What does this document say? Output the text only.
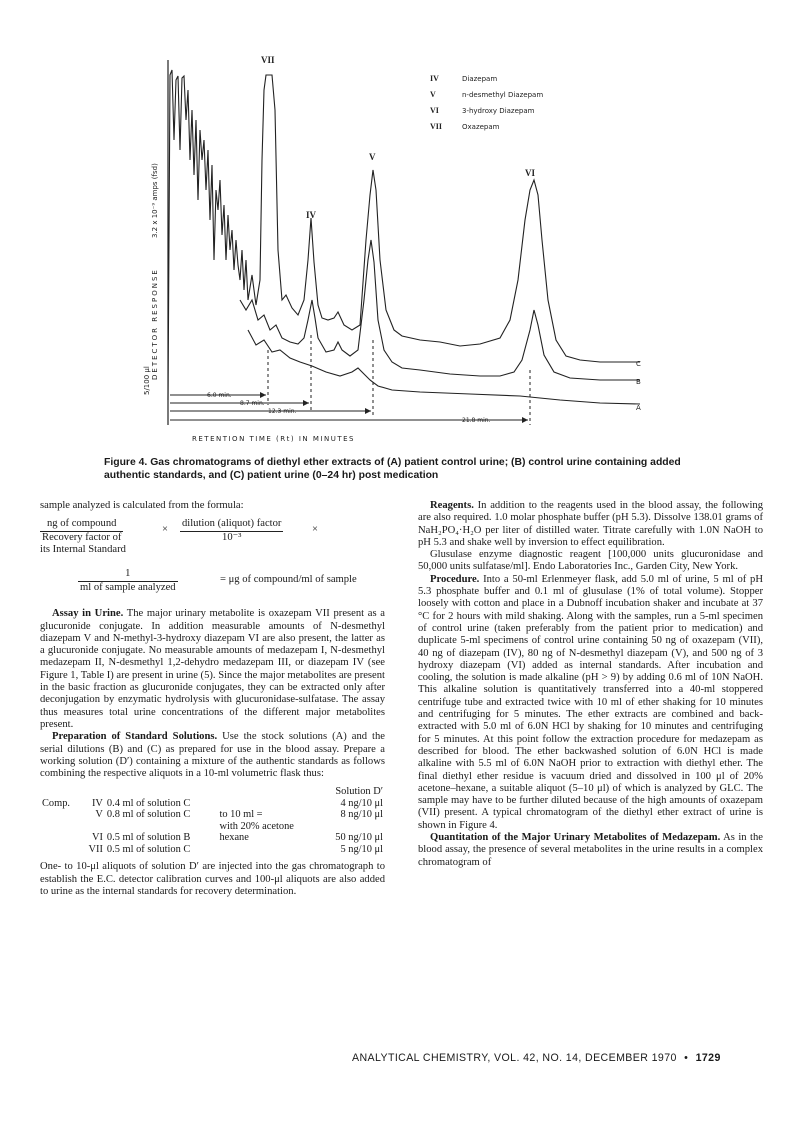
6.0 min.
8.7 min.
12.3 min.
21.8 min.
VII
V
IV
VI
C
B
A
IV	Diazepam
V	n-desmethyl Diazepam
VI	3-hydroxy Diazepam
VII	Oxazepam
DETECTOR RESPONSE
3.2 x 10⁻⁹ amps (fsd)
5/100 μl
RETENTION TIME (Rt) IN MINUTES
Figure 4. Gas chromatograms of diethyl ether extracts of (A) patient control urine; (B) control urine containing added authentic standards, and (C) patient urine (0–24 hr) post medication

sample analyzed is calculated from the formula:

ng of compound
Recovery factor of
×
dilution (aliquot) factor
10⁻³
×
its Internal Standard
1
ml of sample analyzed
= μg of compound/ml of sample

Assay in Urine. The major urinary metabolite is oxazepam VII present as a glucuronide conjugate. In addition measurable amounts of N-desmethyl diazepam V and N-methyl-3-hydroxy diazepam VI are also present, the latter as a glucuronide conjugate. No measurable amounts of medazepam I, N-desmethyl medazepam II, N-desmethyl 1,2-dehydro medazepam III, or diazepam IV (see Figure 1, Table I) are present in urine (5). Since the major metabolites are present in the basic fraction as glucuronide conjugates, they can be extracted only after deconjugation by enzymatic hydrolysis with glucuronidase-sulfatase. The assay thus measures total urine concentrations of the different major metabolites present.

Preparation of Standard Solutions. Use the stock solutions (A) and the serial dilutions (B) and (C) as prepared for use in the blood assay. Prepare a working solution (D′) containing a mixture of the authentic standards as follows combining the respective aliquots in a 10-ml volumetric flask thus:

				Solution D′
Comp.	IV	0.4 ml of solution C		4 ng/10 μl
	V	0.8 ml of solution C	to 10 ml =	8 ng/10 μl
			with 20% acetone	
	VI	0.5 ml of solution B	hexane	50 ng/10 μl
	VII	0.5 ml of solution C		5 ng/10 μl

One- to 10-μl aliquots of solution D′ are injected into the gas chromatograph to establish the E.C. detector calibration curves and 100-μl aliquots are also added to urine as the internal standards for recovery determination.

Reagents. In addition to the reagents used in the blood assay, the following are also required. 1.0 molar phosphate buffer (pH 5.3). Dissolve 138.01 grams of NaH₂PO₄·H₂O per liter of distilled water. Titrate carefully with 1.0N NaOH to pH 5.3 and shake well by inversion to effect equilibration.

Glusulase enzyme diagnostic reagent [100,000 units glucuronidase and 50,000 units sulfatase/ml]. Endo Laboratories Inc., Garden City, New York.

Procedure. Into a 50-ml Erlenmeyer flask, add 5.0 ml of urine, 5 ml of pH 5.3 phosphate buffer and 0.1 ml of glusulase (1% of total volume). Stopper loosely with cotton and place in a Dubnoff incubation shaker and incubate at 37 °C for 2 hours with mild shaking. Along with the samples, run a 5-ml specimen of control urine (taken preferably from the patient prior to medication) and duplicate 5-ml specimens of control urine containing 50 ng of oxazepam (VII), 40 ng of diazepam (IV), 80 ng of N-desmethyl diazepam (V), and 500 ng of 3 hydroxy diazepam (VI) added as internal standards. After incubation and cooling, the solution is made alkaline (pH > 9) by adding 0.6 ml of 10N NaOH. This alkaline solution is quantitatively transferred into a 40-ml stoppered centrifuge tube and extracted twice with 10 ml of ether shaking for 10 minutes and centrifuging for 5 minutes. The ether extracts are combined and back-extracted with 5.0 ml of 6.0N HCl by shaking for 10 minutes and centrifuging for 5 minutes. At this point follow the extraction procedure for medazepam as described for blood. The ether backwashed solution of 6.0N HCl is made alkaline with 5.5 ml of 6.0N NaOH prior to extraction with diethyl ether. The final diethyl ether residue is vacuum dried and dissolved in 100 μl of 20% acetone–hexane, a suitable aliquot (5–10 μl) of which is analyzed by GLC. The sample may have to be further diluted because of the high amounts of oxazepam (VII) present. A typical chromatogram of the diethyl ether extract of urine is shown in Figure 4.

Quantitation of the Major Urinary Metabolites of Medazepam. As in the blood assay, the presence of several metabolites in the urine results in a complex chromatogram of

ANALYTICAL CHEMISTRY, VOL. 42, NO. 14, DECEMBER 1970 • 1729
